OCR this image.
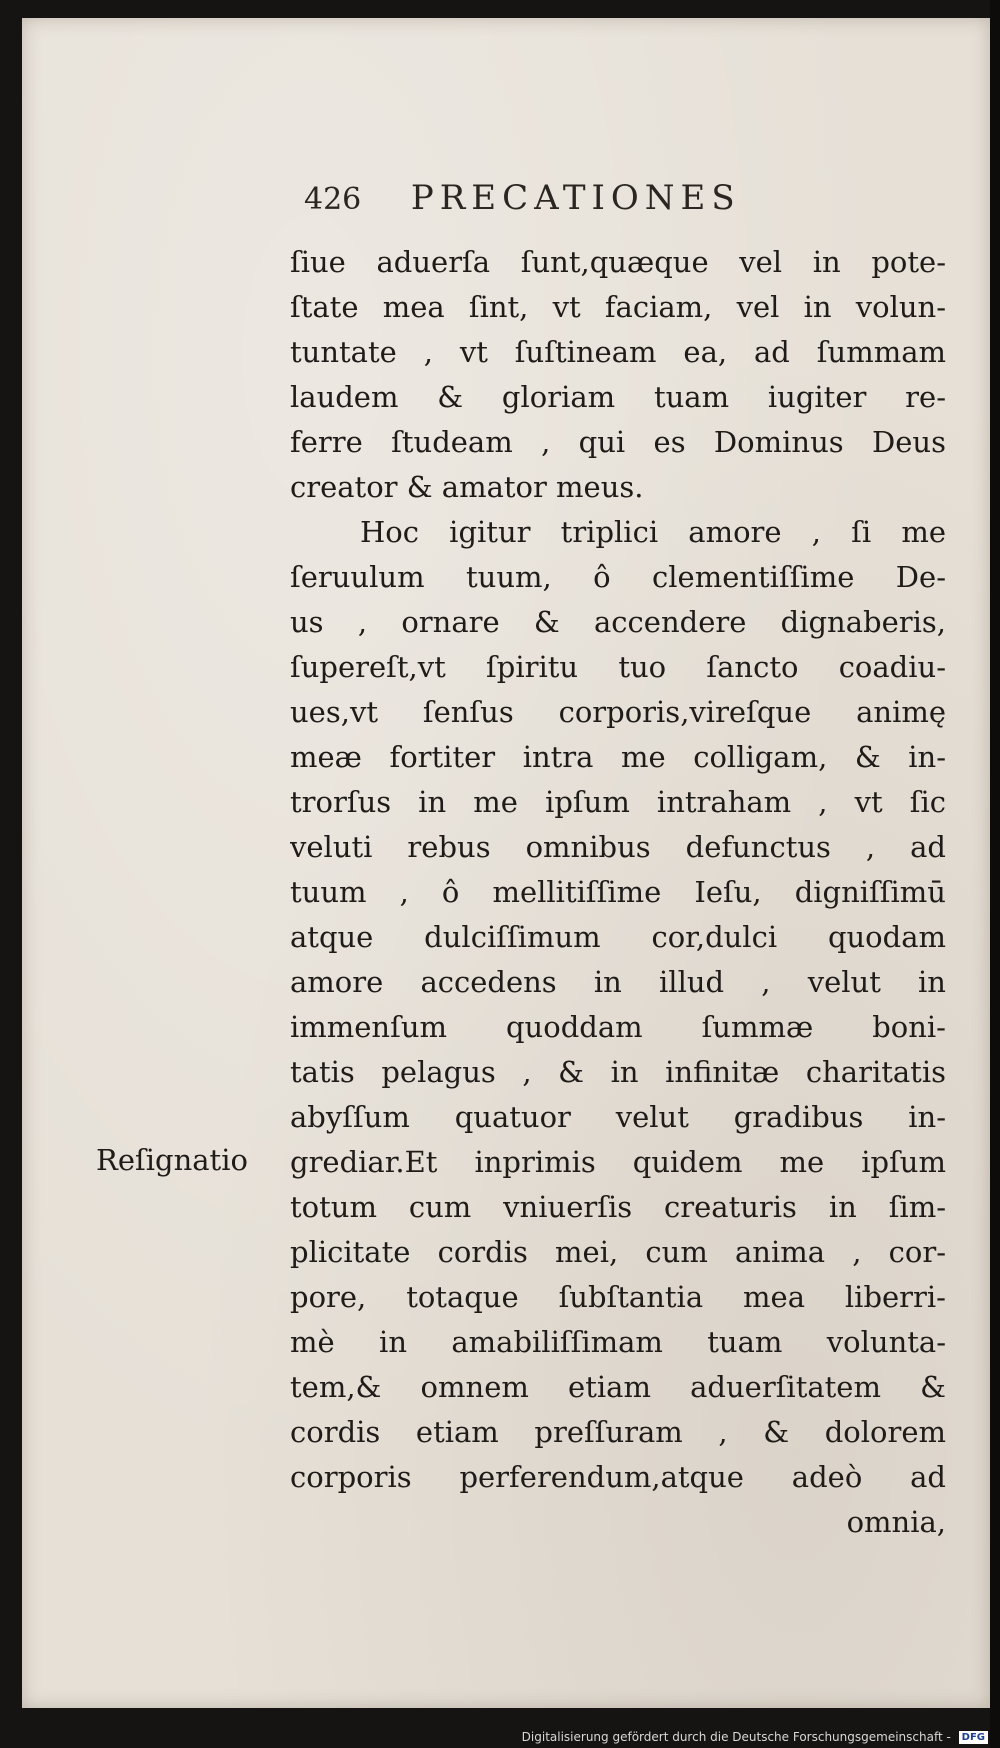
426 PRECATIONES
Reſignatio
ſiue aduerſa ſunt,quæque vel in pote-
ſtate mea ſint, vt faciam, vel in volun-
tuntate , vt ſuſtineam ea, ad ſummam
laudem & gloriam tuam iugiter re-
ferre ſtudeam , qui es Dominus Deus
creator & amator meus.
Hoc igitur triplici amore , ſi me
ſeruulum tuum, ô clementiſſime De-
us , ornare & accendere dignaberis,
ſupereſt,vt ſpiritu tuo ſancto coadiu-
ues,vt ſenſus corporis,vireſque animę
meæ fortiter intra me colligam, & in-
trorſus in me ipſum intraham , vt ſic
veluti rebus omnibus defunctus , ad
tuum , ô mellitiſſime Ieſu, digniſſimū
atque dulciſſimum cor,dulci quodam
amore accedens in illud , velut in
immenſum quoddam ſummæ boni-
tatis pelagus , & in infinitæ charitatis
abyſſum quatuor velut gradibus in-
grediar.Et inprimis quidem me ipſum
totum cum vniuerſis creaturis in ſim-
plicitate cordis mei, cum anima , cor-
pore, totaque ſubſtantia mea liberri-
mè in amabiliſſimam tuam volunta-
tem,& omnem etiam aduerſitatem &
cordis etiam preſſuram , & dolorem
corporis perferendum,atque adeò ad
omnia,
Digitalisierung gefördert durch die Deutsche Forschungsgemeinschaft - DFG
